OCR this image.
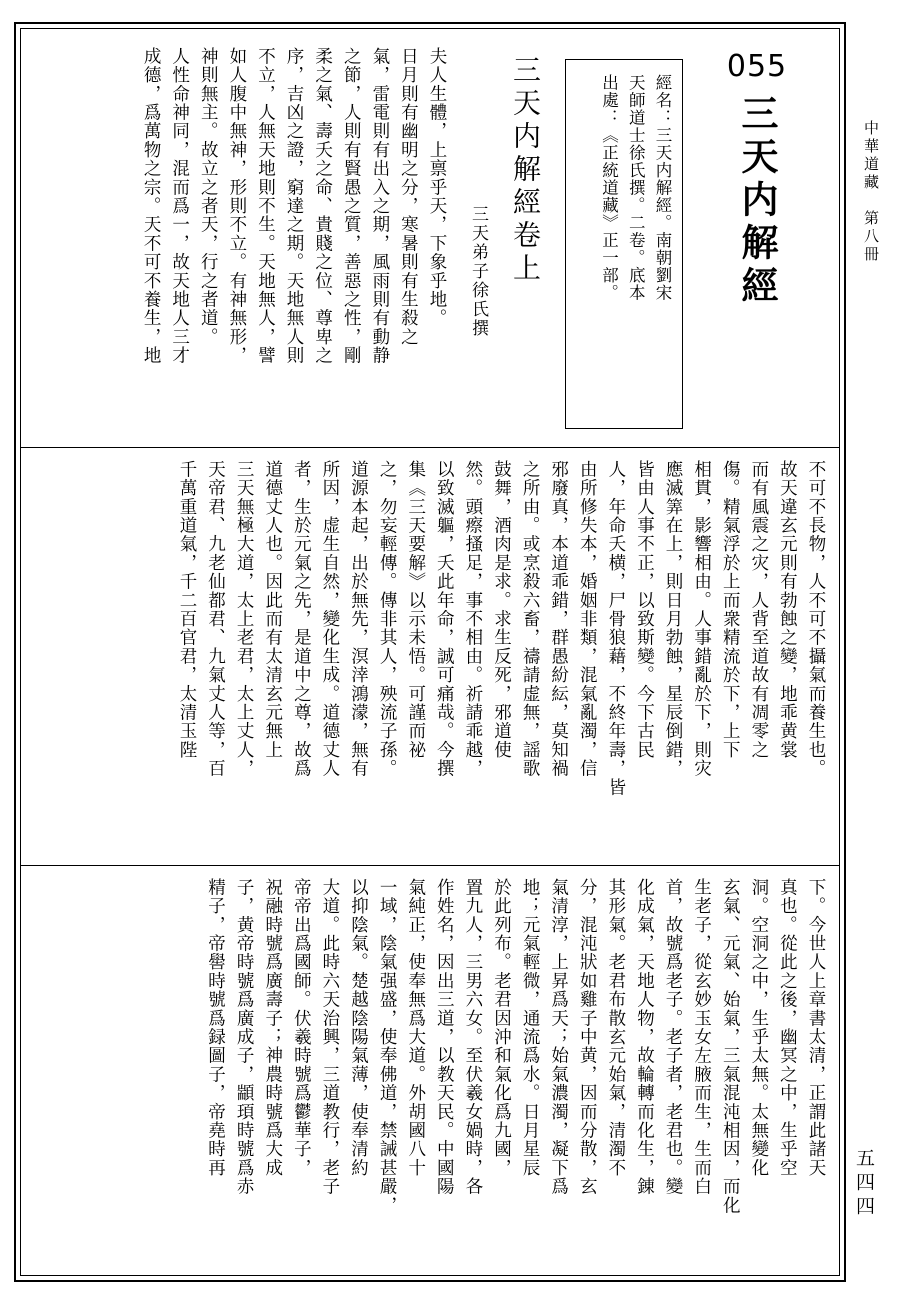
中華道藏　第八冊
五四四
055
三天内解經
經名：三天内解經。南朝劉宋
天師道士徐氏撰。二卷。底本
出處：《正統道藏》正一部。
三天内解經卷上
三天弟子徐氏撰
夫人生體，上禀乎天，下象乎地。
日月則有幽明之分，寒暑則有生殺之
氣，雷電則有出入之期，風雨則有動静
之節，人則有賢愚之質，善惡之性，剛
柔之氣、壽夭之命、貴賤之位、尊卑之
序，吉凶之證，窮達之期。天地無人則
不立，人無天地則不生。天地無人，譬
如人腹中無神，形則不立。有神無形，
神則無主。故立之者天，行之者道。
人性命神同，混而爲一，故天地人三才
成德，爲萬物之宗。天不可不養生，地
不可不長物，人不可不攝氣而養生也。
故天違玄元則有勃蝕之變，地乖黄裳
而有風震之灾，人背至道故有凋零之
傷。精氣浮於上而衆精流於下，上下
相貫，影響相由。人事錯亂於下，則灾
應滅筭在上，則日月勃蝕，星辰倒錯，
皆由人事不正，以致斯變。今下古民
人，年命夭横，尸骨狼藉，不終年壽，皆
由所修失本，婚姻非類，混氣亂濁，信
邪廢真，本道乖錯，群愚紛紜，莫知禍
之所由。或烹殺六畜，禱請虚無，謡歌
鼓舞，酒肉是求。求生反死，邪道使
然。頭瘵搔足，事不相由。祈請乖越，
以致滅軀，夭此年命，誠可痛哉。今撰
集《三天要解》以示未悟。可謹而祕
之，勿妄輕傳。傳非其人，殃流子孫。
道源本起，出於無先，溟涬鴻濛，無有
所因，虚生自然，變化生成。道德丈人
者，生於元氣之先，是道中之尊，故爲
道德丈人也。因此而有太清玄元無上
三天無極大道，太上老君，太上丈人，
天帝君、九老仙都君、九氣丈人等，百
千萬重道氣，千二百官君，太清玉陛
下。今世人上章書太清，正謂此諸天
真也。從此之後，幽冥之中，生乎空
洞。空洞之中，生乎太無。太無變化
玄氣、元氣、始氣，三氣混沌相因，而化
生老子，從玄妙玉女左腋而生，生而白
首，故號爲老子。老子者，老君也。變
化成氣，天地人物，故輪轉而化生，錬
其形氣。老君布散玄元始氣，清濁不
分，混沌狀如雞子中黄，因而分散，玄
氣清淳，上昇爲天；始氣濃濁，凝下爲
地；元氣輕微，通流爲水。日月星辰
於此列布。老君因沖和氣化爲九國，
置九人，三男六女。至伏羲女媧時，各
作姓名，因出三道，以教天民。中國陽
氣純正，使奉無爲大道。外胡國八十
一域，陰氣强盛，使奉佛道，禁誡甚嚴，
以抑陰氣。楚越陰陽氣薄，使奉清約
大道。此時六天治興，三道教行，老子
帝帝出爲國師。伏羲時號爲鬱華子，
祝融時號爲廣壽子；神農時號爲大成
子，黄帝時號爲廣成子，顓頊時號爲赤
精子，帝嚳時號爲録圖子，帝堯時再
